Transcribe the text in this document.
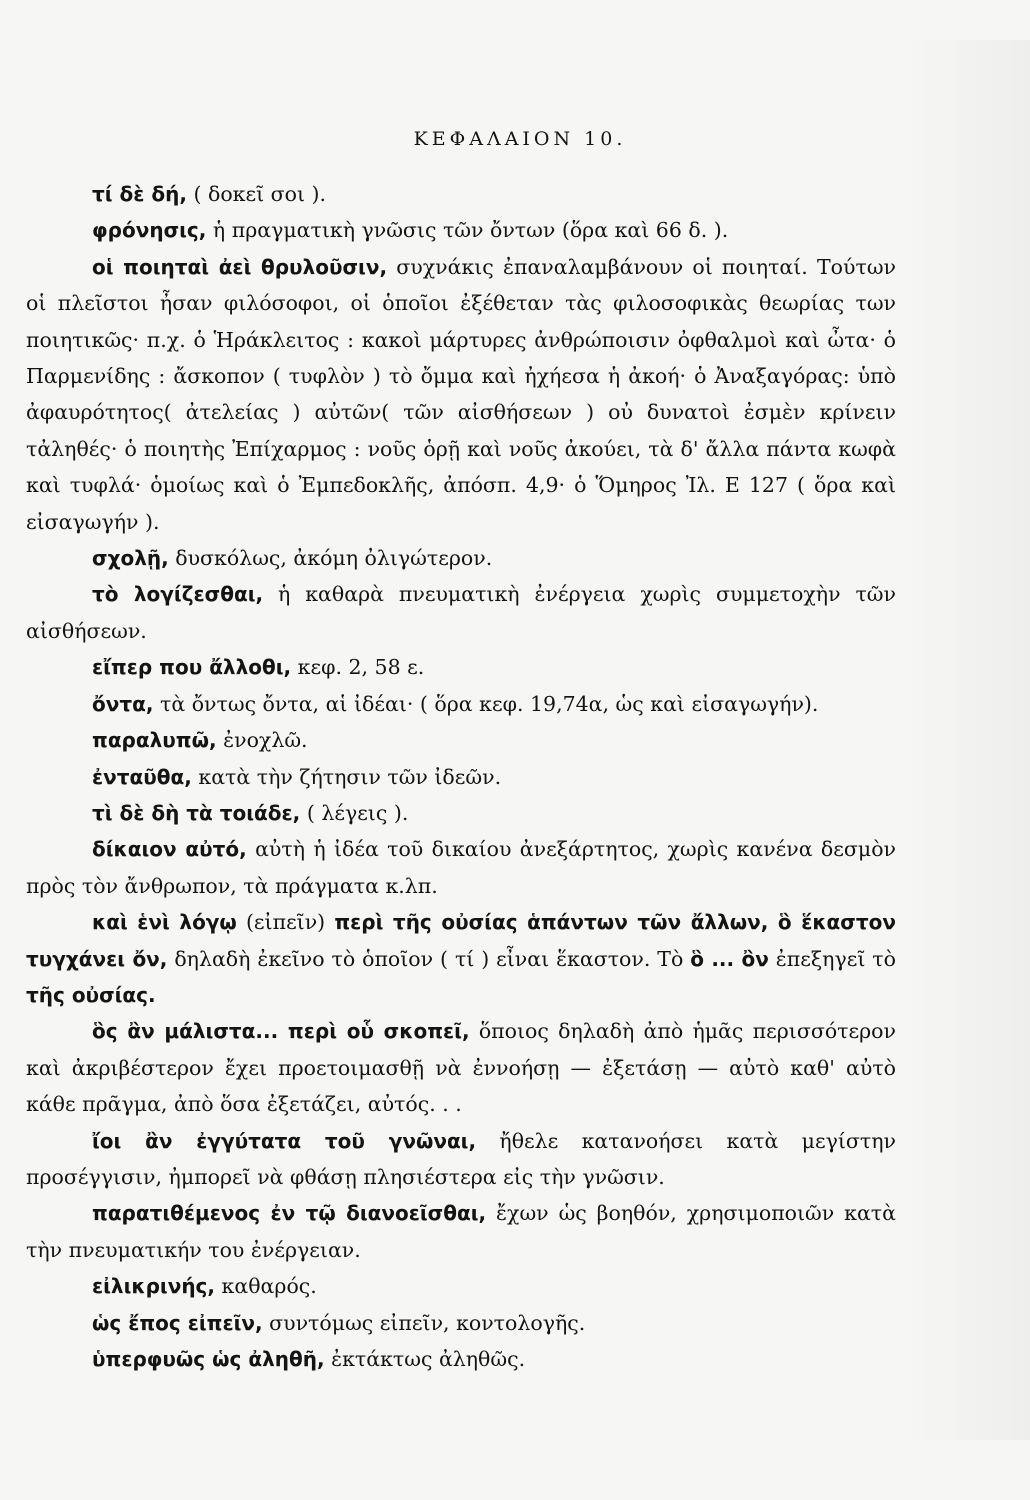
ΚΕΦΑΛΑΙΟΝ 10.

τί δὲ δή, ( δοκεῖ σοι ).

φρόνησις, ἡ πραγματικὴ γνῶσις τῶν ὄντων (ὅρα καὶ 66 δ. ).

οἱ ποιηταὶ ἀεὶ θρυλοῦσιν, συχνάκις ἐπαναλαμβάνουν οἱ ποιηταί. Τούτων οἱ πλεῖστοι ἦσαν φιλόσοφοι, οἱ ὁποῖοι ἐξέθεταν τὰς φιλοσοφικὰς θεωρίας των ποιητικῶς· π.χ. ὁ Ἡράκλειτος : κακοὶ μάρτυρες ἀνθρώποισιν ὀφθαλμοὶ καὶ ὦτα· ὁ Παρμενίδης : ἄσκοπον ( τυφλὸν ) τὸ ὄμμα καὶ ἠχήεσα ἡ ἀκοή· ὁ Ἀναξαγόρας: ὑπὸ ἀφαυρότητος( ἀτελείας ) αὐτῶν( τῶν αἰσθήσεων ) οὐ δυνατοὶ ἐσμὲν κρίνειν τἀληθές· ὁ ποιητὴς Ἐπίχαρμος : νοῦς ὁρῇ καὶ νοῦς ἀκούει, τὰ δ' ἄλλα πάντα κωφὰ καὶ τυφλά· ὁμοίως καὶ ὁ Ἐμπεδοκλῆς, ἀπόσπ. 4,9· ὁ Ὅμηρος Ἰλ. Ε 127 ( ὅρα καὶ εἰσαγωγήν ).

σχολῇ, δυσκόλως, ἀκόμη ὀλιγώτερον.

τὸ λογίζεσθαι, ἡ καθαρὰ πνευματικὴ ἐνέργεια χωρὶς συμμετοχὴν τῶν αἰσθήσεων.

εἴπερ που ἄλλοθι, κεφ. 2, 58 ε.

ὄντα, τὰ ὄντως ὄντα, αἱ ἰδέαι· ( ὅρα κεφ. 19,74α, ὡς καὶ εἰσαγωγήν).

παραλυπῶ, ἐνοχλῶ.

ἐνταῦθα, κατὰ τὴν ζήτησιν τῶν ἰδεῶν.

τὶ δὲ δὴ τὰ τοιάδε, ( λέγεις ).

δίκαιον αὐτό, αὐτὴ ἡ ἰδέα τοῦ δικαίου ἀνεξάρτητος, χωρὶς κανένα δεσμὸν πρὸς τὸν ἄνθρωπον, τὰ πράγματα κ.λπ.

καὶ ἑνὶ λόγῳ (εἰπεῖν) περὶ τῆς οὐσίας ἁπάντων τῶν ἄλλων, ὃ ἕκαστον τυγχάνει ὄν, δηλαδὴ ἐκεῖνο τὸ ὁποῖον ( τί ) εἶναι ἕκαστον. Τὸ ὃ ... ὂν ἐπεξηγεῖ τὸ τῆς οὐσίας.

ὃς ἂν μάλιστα... περὶ οὗ σκοπεῖ, ὅποιος δηλαδὴ ἀπὸ ἡμᾶς περισσότερον καὶ ἀκριβέστερον ἔχει προετοιμασθῇ νὰ ἐννοήσῃ — ἐξετάσῃ — αὐτὸ καθ' αὐτὸ κάθε πρᾶγμα, ἀπὸ ὅσα ἐξετάζει, αὐτός. . .

ἴοι ἂν ἐγγύτατα τοῦ γνῶναι, ἤθελε κατανοήσει κατὰ μεγίστην προσέγγισιν, ἠμπορεῖ νὰ φθάσῃ πλησιέστερα εἰς τὴν γνῶσιν.

παρατιθέμενος ἐν τῷ διανοεῖσθαι, ἔχων ὡς βοηθόν, χρησιμοποιῶν κατὰ τὴν πνευματικήν του ἐνέργειαν.

εἰλικρινής, καθαρός.

ὡς ἔπος εἰπεῖν, συντόμως εἰπεῖν, κοντολογῆς.

ὑπερφυῶς ὡς ἀληθῆ, ἐκτάκτως ἀληθῶς.
